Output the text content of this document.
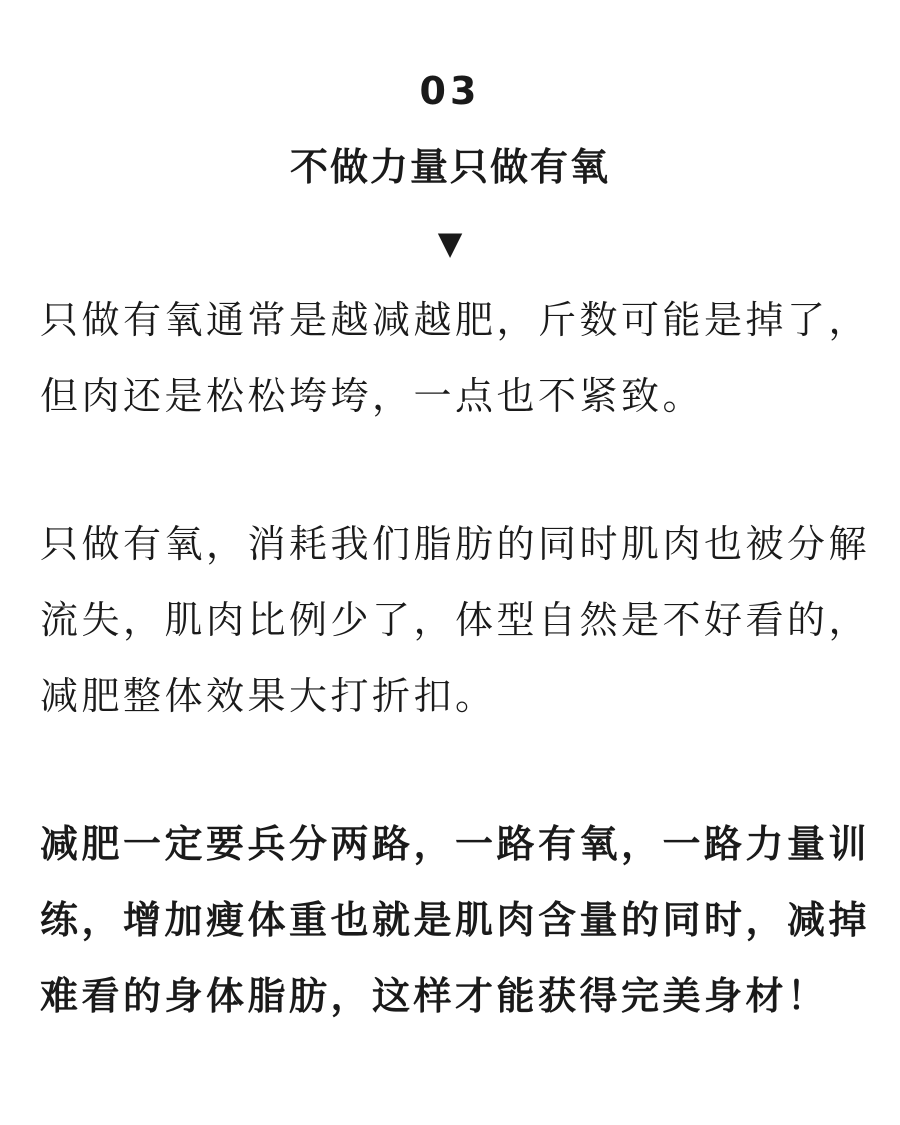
03
不做力量只做有氧
▼

只做有氧通常是越减越肥，斤数可能是掉了，但肉还是松松垮垮，一点也不紧致。

只做有氧，消耗我们脂肪的同时肌肉也被分解流失，肌肉比例少了，体型自然是不好看的，减肥整体效果大打折扣。

减肥一定要兵分两路，一路有氧，一路力量训练，增加瘦体重也就是肌肉含量的同时，减掉难看的身体脂肪，这样才能获得完美身材！
